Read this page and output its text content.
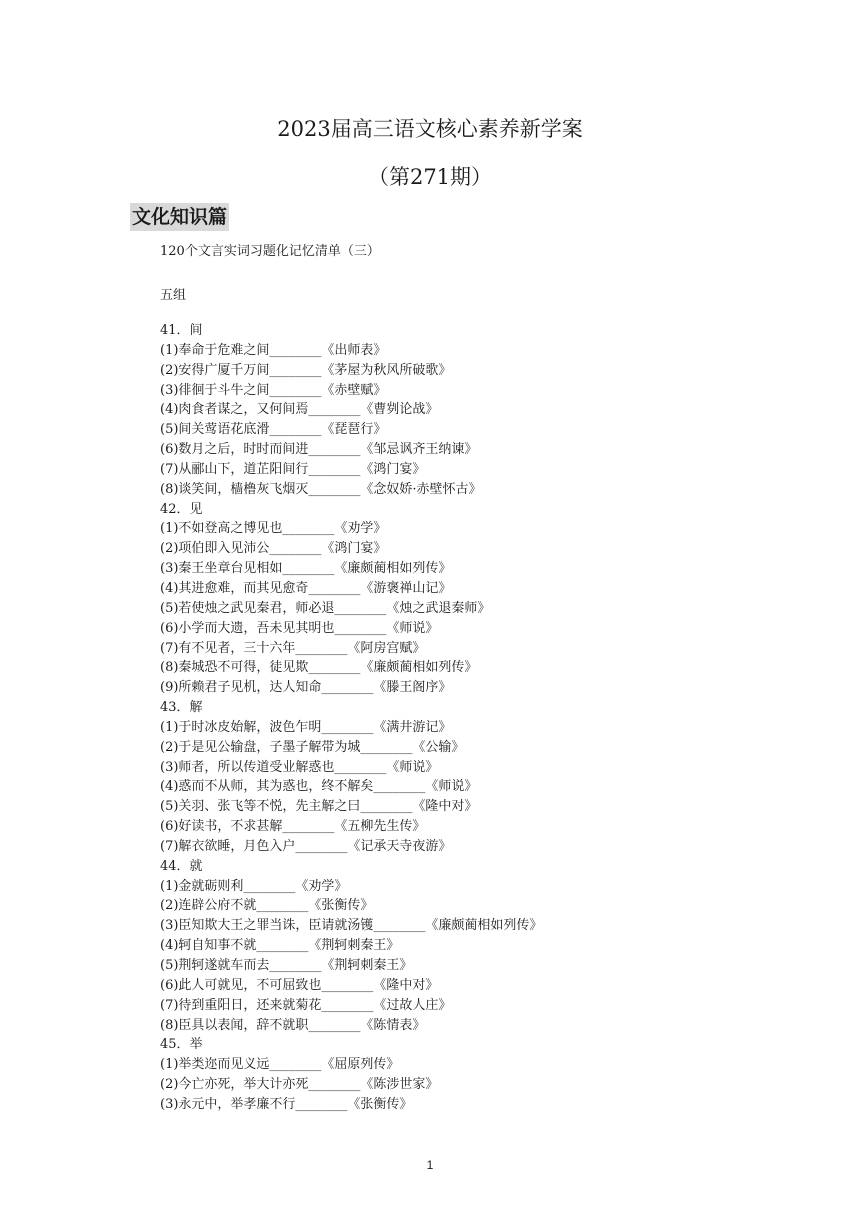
2023届高三语文核心素养新学案
（第271期）
文化知识篇
120个文言实词习题化记忆清单（三）
五组
41．间
(1)奉命于危难之间________《出师表》
(2)安得广厦千万间________《茅屋为秋风所破歌》
(3)徘徊于斗牛之间________《赤壁赋》
(4)肉食者谋之，又何间焉________《曹刿论战》
(5)间关莺语花底滑________《琵琶行》
(6)数月之后，时时而间进________《邹忌讽齐王纳谏》
(7)从郦山下，道芷阳间行________《鸿门宴》
(8)谈笑间，樯橹灰飞烟灭________《念奴娇·赤壁怀古》
42．见
(1)不如登高之博见也________《劝学》
(2)项伯即入见沛公________《鸿门宴》
(3)秦王坐章台见相如________《廉颇蔺相如列传》
(4)其进愈难，而其见愈奇________《游褒禅山记》
(5)若使烛之武见秦君，师必退________《烛之武退秦师》
(6)小学而大遗，吾未见其明也________《师说》
(7)有不见者，三十六年________《阿房宫赋》
(8)秦城恐不可得，徒见欺________《廉颇蔺相如列传》
(9)所赖君子见机，达人知命________《滕王阁序》
43．解
(1)于时冰皮始解，波色乍明________《满井游记》
(2)于是见公输盘，子墨子解带为城________《公输》
(3)师者，所以传道受业解惑也________《师说》
(4)惑而不从师，其为惑也，终不解矣________《师说》
(5)关羽、张飞等不悦，先主解之曰________《隆中对》
(6)好读书，不求甚解________《五柳先生传》
(7)解衣欲睡，月色入户________《记承天寺夜游》
44．就
(1)金就砺则利________《劝学》
(2)连辟公府不就________《张衡传》
(3)臣知欺大王之罪当诛，臣请就汤镬________《廉颇蔺相如列传》
(4)轲自知事不就________《荆轲刺秦王》
(5)荆轲遂就车而去________《荆轲刺秦王》
(6)此人可就见，不可屈致也________《隆中对》
(7)待到重阳日，还来就菊花________《过故人庄》
(8)臣具以表闻，辞不就职________《陈情表》
45．举
(1)举类迩而见义远________《屈原列传》
(2)今亡亦死，举大计亦死________《陈涉世家》
(3)永元中，举孝廉不行________《张衡传》
1
